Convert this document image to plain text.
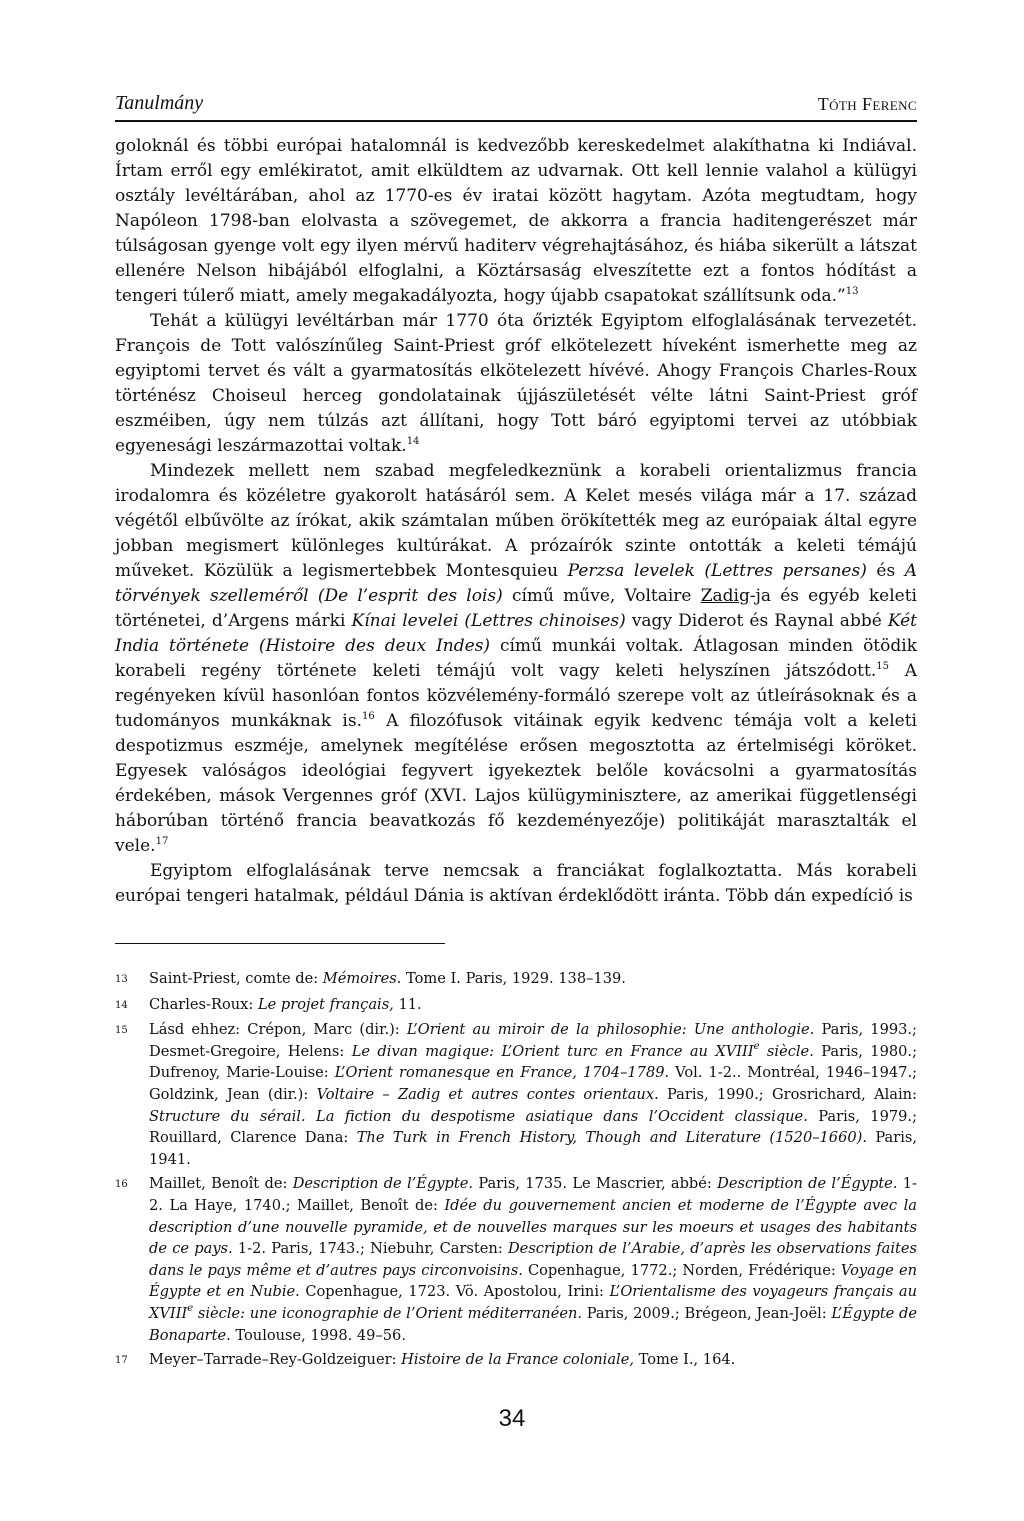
Tanulmány	Tóth Ferenc

goloknál és többi európai hatalomnál is kedvezőbb kereskedelmet alakíthatna ki Indiával. Írtam erről egy emlékiratot, amit elküldtem az udvarnak. Ott kell lennie valahol a külügyi osztály levéltárában, ahol az 1770-es év iratai között hagytam. Azóta megtudtam, hogy Napóleon 1798-ban elolvasta a szövegemet, de akkorra a francia haditengerészet már túlságosan gyenge volt egy ilyen mérvű haditerv végrehajtásához, és hiába sikerült a látszat ellenére Nelson hibájából elfoglalni, a Köztársaság elveszítette ezt a fontos hódítást a tengeri túlerő miatt, amely megakadályozta, hogy újabb csapatokat szállítsunk oda.”$^{13}$

Tehát a külügyi levéltárban már 1770 óta őrizték Egyiptom elfoglalásának tervezetét. François de Tott valószínűleg Saint-Priest gróf elkötelezett híveként ismerhette meg az egyiptomi tervet és vált a gyarmatosítás elkötelezett hívévé. Ahogy François Charles-Roux történész Choiseul herceg gondolatainak újjászületését vélte látni Saint-Priest gróf eszméiben, úgy nem túlzás azt állítani, hogy Tott báró egyiptomi tervei az utóbbiak egyenesági leszármazottai voltak.$^{14}$

Mindezek mellett nem szabad megfeledkeznünk a korabeli orientalizmus francia irodalomra és közéletre gyakorolt hatásáról sem. A Kelet mesés világa már a 17. század végétől elbűvölte az írókat, akik számtalan műben örökítették meg az európaiak által egyre jobban megismert különleges kultúrákat. A prózaírók szinte ontották a keleti témájú műveket. Közülük a legismertebbek Montesquieu Perzsa levelek (Lettres persanes) és A törvények szelleméről (De l’esprit des lois) című műve, Voltaire Zadig-ja és egyéb keleti történetei, d’Argens márki Kínai levelei (Lettres chinoises) vagy Diderot és Raynal abbé Két India története (Histoire des deux Indes) című munkái voltak. Átlagosan minden ötödik korabeli regény története keleti témájú volt vagy keleti helyszínen játszódott.$^{15}$ A regényeken kívül hasonlóan fontos közvélemény-formáló szerepe volt az útleírásoknak és a tudományos munkáknak is.$^{16}$ A filozófusok vitáinak egyik kedvenc témája volt a keleti despotizmus eszméje, amelynek megítélése erősen megosztotta az értelmiségi köröket. Egyesek valóságos ideológiai fegyvert igyekeztek belőle kovácsolni a gyarmatosítás érdekében, mások Vergennes gróf (XVI. Lajos külügyminisztere, az amerikai függetlenségi háborúban történő francia beavatkozás fő kezdeményezője) politikáját marasztalták el vele.$^{17}$

Egyiptom elfoglalásának terve nemcsak a franciákat foglalkoztatta. Más korabeli európai tengeri hatalmak, például Dánia is aktívan érdeklődött iránta. Több dán expedíció is

13	Saint-Priest, comte de: Mémoires. Tome I. Paris, 1929. 138–139.
14	Charles-Roux: Le projet français, 11.
15	Lásd ehhez: Crépon, Marc (dir.): L’Orient au miroir de la philosophie: Une anthologie. Paris, 1993.; Desmet-Gregoire, Helens: Le divan magique: L’Orient turc en France au XVIIIe siècle. Paris, 1980.; Dufrenoy, Marie-Louise: L’Orient romanesque en France, 1704–1789. Vol. 1-2.. Montréal, 1946–1947.; Goldzink, Jean (dir.): Voltaire – Zadig et autres contes orientaux. Paris, 1990.; Grosrichard, Alain: Structure du sérail. La fiction du despotisme asiatique dans l’Occident classique. Paris, 1979.; Rouillard, Clarence Dana: The Turk in French History, Though and Literature (1520–1660). Paris, 1941.
16	Maillet, Benoît de: Description de l’Égypte. Paris, 1735. Le Mascrier, abbé: Description de l’Égypte. 1-2. La Haye, 1740.; Maillet, Benoît de: Idée du gouvernement ancien et moderne de l’Égypte avec la description d’une nouvelle pyramide, et de nouvelles marques sur les moeurs et usages des habitants de ce pays. 1-2. Paris, 1743.; Niebuhr, Carsten: Description de l’Arabie, d’après les observations faites dans le pays même et d’autres pays circonvoisins. Copenhague, 1772.; Norden, Frédérique: Voyage en Égypte et en Nubie. Copenhague, 1723. Vö. Apostolou, Irini: L’Orientalisme des voyageurs français au XVIIIe siècle: une iconographie de l’Orient méditerranéen. Paris, 2009.; Brégeon, Jean-Joël: L’Égypte de Bonaparte. Toulouse, 1998. 49–56.
17	Meyer–Tarrade–Rey-Goldzeiguer: Histoire de la France coloniale, Tome I., 164.
34
